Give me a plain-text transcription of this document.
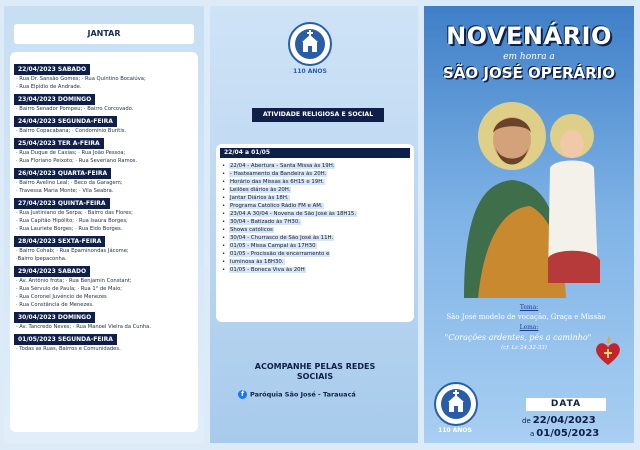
JANTAR
22/04/2023 SABADO
· Rua Dr. Sansão Gomes; · Rua Quintino Bocaiúva;
· Rua Elpídio de Andrade.
23/04/2023 DOMINGO
· Bairro Senador Pompeu; · Bairro Corcovado.
24/04/2023 SEGUNDA-FEIRA
· Bairro Copacabana; · Condomínio Buritis.
25/04/2023 TER A-FEIRA
· Rua Duque de Caxias; · Rua João Pessoa;
· Rua Floriano Peixoto; · Rua Severiano Ramos.
26/04/2023 QUARTA-FEIRA
· Bairro Avelino Leal; · Beco da Garagem;
· Travessa Maria Monte; · Vila Seabra.
27/04/2023 QUINTA-FEIRA
· Rua Justiniano de Serpa; · Bairro das Flores;
· Rua Capitão Hipólito; · Rua Isaura Borges;
· Rua Lauriete Borges; · Rua Eldo Borges.
28/04/2023 SEXTA-FEIRA
· Bairro Cohab; · Rua Epaminondas Jácome;
·Bairro Ipepaconha.
29/04/2023 SABADO
· Av. Antônio frota; · Rua Benjamin Constant;
· Rua Sérvulo de Paula; · Rua 1° de Maio;
· Rua Coronel Juvêncio de Menezes
· Rua Constância de Menezes.
30/04/2023 DOMINGO
· Av. Tancredo Neves; · Rua Manoel Vieira da Cunha.
01/05/2023 SEGUNDA-FEIRA
· Todas as Ruas, Bairros e Comunidades.
110 ANOS
ATIVIDADE RELIGIOSA E SOCIAL
22/04 a 01/05
• 22/04 - Abertura - Santa Missa às 19H.
• - Hasteamento da Bandeira às 20H.
• Horário das Missas às 6H15 e 19H.
• Leilões diários às 20H.
• Jantar Diários às 18H.
• Programa Católico Rádio FM e AM.
• 23/04 A 30/04 - Novena de São José às 18H15.
• 30/04 - Batizado às 7H30.
• Shows católicos
• 30/04 - Churrasco de São José às 11H.
• 01/05 - Missa Campal às 17H30
• 01/05 - Procissão de encerramento e
• luminosa às 18H30.
• 01/05 - Boneca Viva às 20H
ACOMPANHE PELAS REDES SOCIAIS
f Paróquia São José - Tarauacá
NOVENÁRIO
em honra a
SÃO JOSÉ OPERÁRIO
Tema:
São José modelo de vocação, Graça e Missão
Lema:
"Corações ardentes, pés a caminho"
(cf. Lc 24,32-33)
110 ANOS
DATA
de 22/04/2023
a 01/05/2023
